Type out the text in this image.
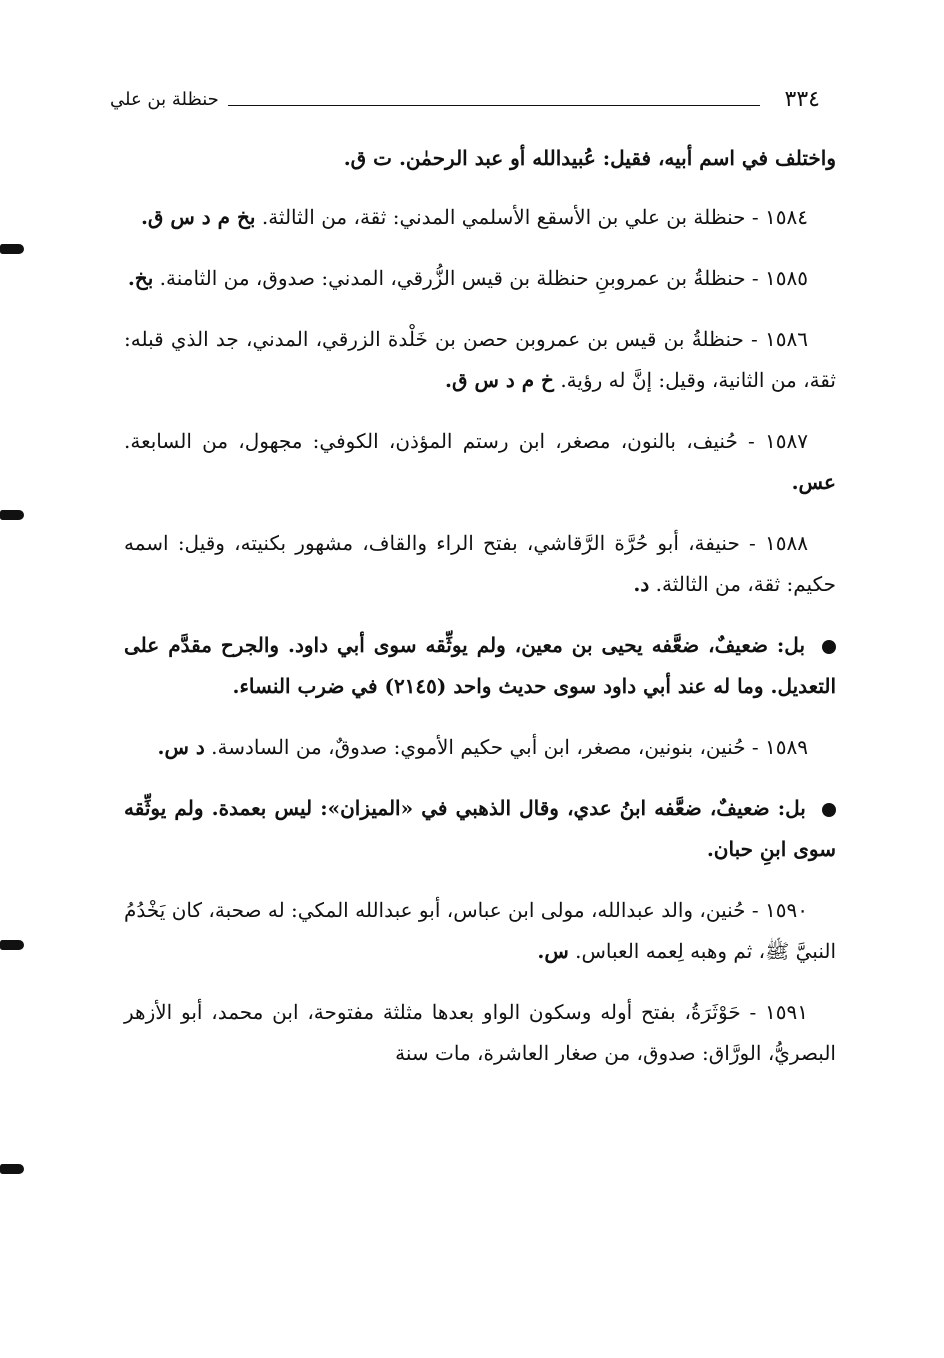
٣٣٤
حنظلة بن علي

واختلف في اسم أبيه، فقيل: عُبيدالله أو عبد الرحمٰن. ت ق.

١٥٨٤ - حنظلة بن علي بن الأسقع الأسلمي المدني: ثقة، من الثالثة. بخ م د س ق.

١٥٨٥ - حنظلةُ بن عمروبنِ حنظلة بن قيس الزُّرقي، المدني: صدوق، من الثامنة. بخ.

١٥٨٦ - حنظلةُ بن قيس بن عمروبن حصن بن خَلْدة الزرقي، المدني، جد الذي قبله: ثقة، من الثانية، وقيل: إنَّ له رؤية. خ م د س ق.

١٥٨٧ - حُنيف، بالنون، مصغر، ابن رستم المؤذن، الكوفي: مجهول، من السابعة. عس.

١٥٨٨ - حنيفة، أبو حُرَّة الرَّقاشي، بفتح الراء والقاف، مشهور بكنيته، وقيل: اسمه حكيم: ثقة، من الثالثة. د.

بل: ضعيفٌ، ضعَّفه يحيى بن معين، ولم يوثِّقه سوى أبي داود. والجرح مقدَّم على التعديل. وما له عند أبي داود سوى حديث واحد (٢١٤٥) في ضرب النساء.

١٥٨٩ - حُنين، بنونين، مصغر، ابن أبي حكيم الأموي: صدوقٌ، من السادسة. د س.

بل: ضعيفٌ، ضعَّفه ابنُ عدي، وقال الذهبي في «الميزان»: ليس بعمدة. ولم يوثِّقه سوى ابنِ حبان.

١٥٩٠ - حُنين، والد عبدالله، مولى ابن عباس، أبو عبدالله المكي: له صحبة، كان يَخْدُمُ النبيَّ ﷺ، ثم وهبه لِعمه العباس. س.

١٥٩١ - حَوْثَرَةُ، بفتح أوله وسكون الواو بعدها مثلثة مفتوحة، ابن محمد، أبو الأزهر البصريُّ، الورَّاق: صدوق، من صغار العاشرة، مات سنة
